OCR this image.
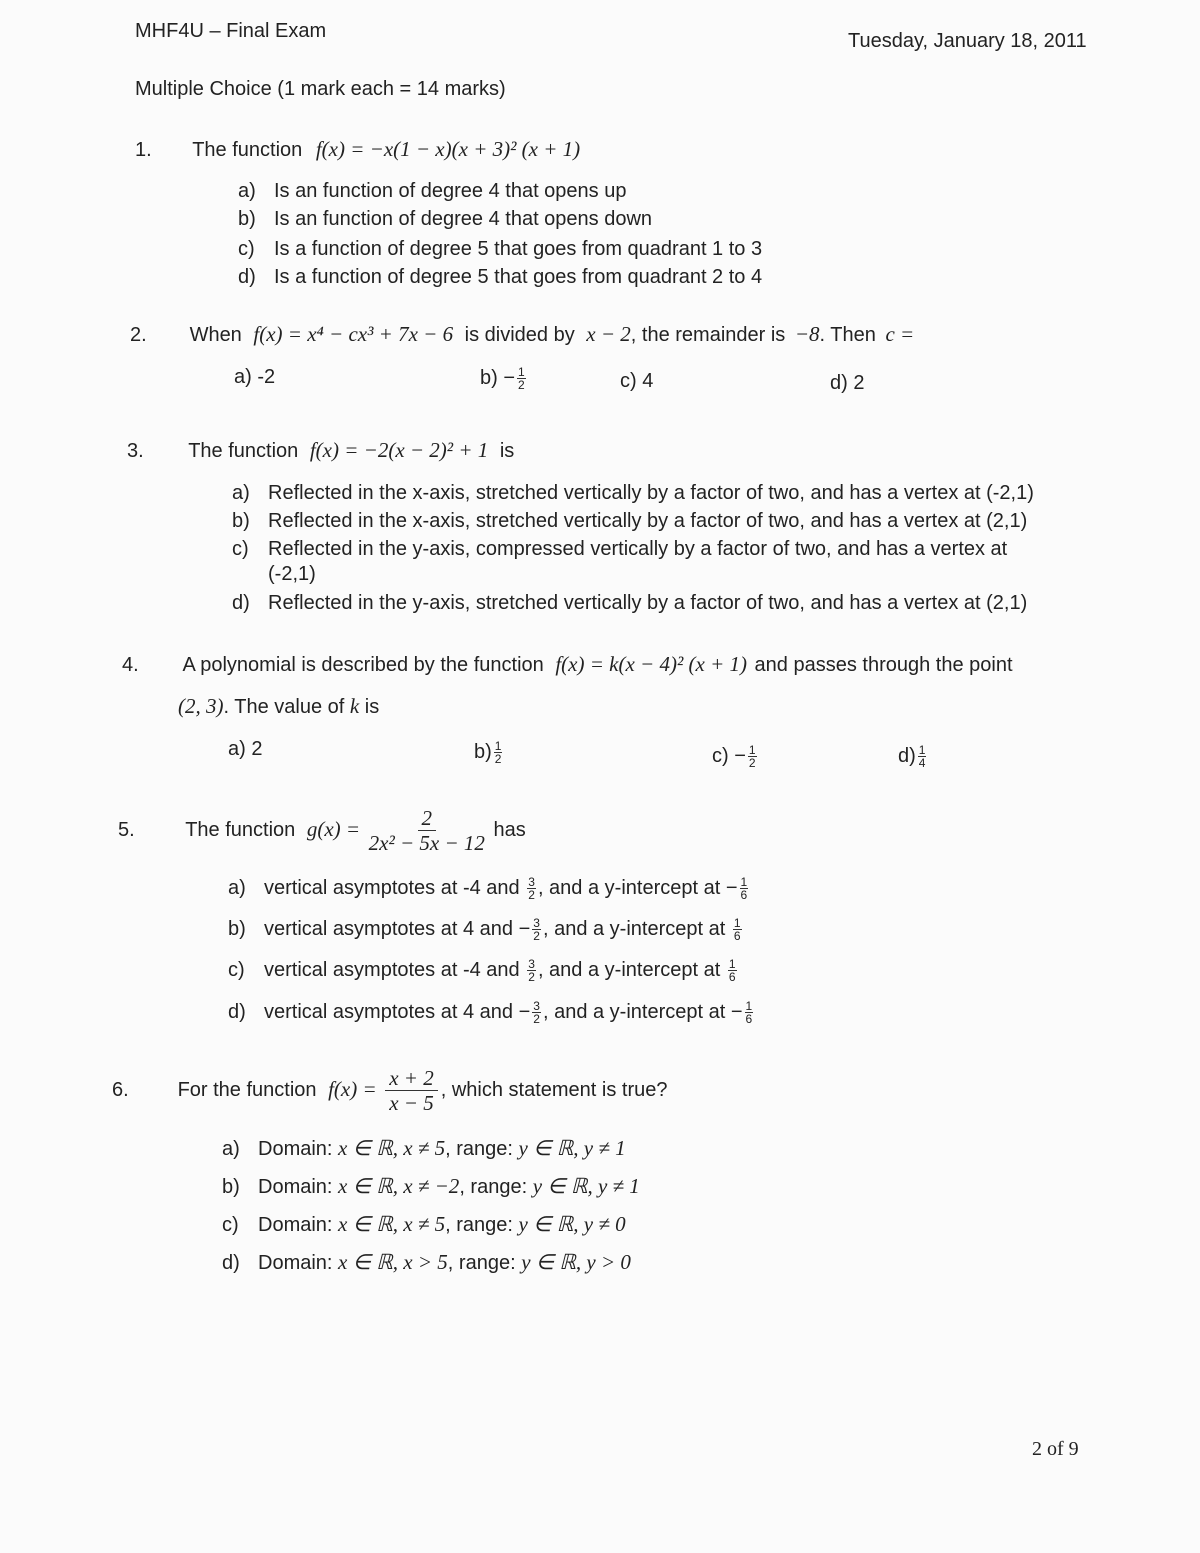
MHF4U – Final Exam	Tuesday, January 18, 2011
Multiple Choice (1 mark each = 14 marks)
1. The function f(x) = −x(1 − x)(x + 3)² (x + 1)
a) Is an function of degree 4 that opens up
b) Is an function of degree 4 that opens down
c) Is a function of degree 5 that goes from quadrant 1 to 3
d) Is a function of degree 5 that goes from quadrant 2 to 4
2. When f(x) = x⁴ − cx³ + 7x − 6 is divided by x − 2, the remainder is −8. Then c =
a) -2	$b) - \frac{1}{2}$	c) 4	d) 2
3. The function f(x) = −2(x − 2)² + 1 is
a) Reflected in the x-axis, stretched vertically by a factor of two, and has a vertex at (-2,1)
b) Reflected in the x-axis, stretched vertically by a factor of two, and has a vertex at (2,1)
c) Reflected in the y-axis, compressed vertically by a factor of two, and has a vertex at
(-2,1)
d) Reflected in the y-axis, stretched vertically by a factor of two, and has a vertex at (2,1)
4. A polynomial is described by the function f(x) = k(x − 4)² (x + 1) and passes through the point
(2, 3). The value of k is
a) 2	$b) \frac{1}{2}$	$c) - \frac{1}{2}$	$d) \frac{1}{4}$
5.	The function $g(x) = \frac{2}{\text{2x² − 5x − 12}}$ has
a) vertical asymptotes at -4 and $\frac{3}{2}$ , and a y-intercept at − $\frac{1}{6}$
b) vertical asymptotes at 4 and − $\frac{3}{2}$ , and a y-intercept at $\frac{1}{6}$
c) vertical asymptotes at -4 and $\frac{3}{2}$ , and a y-intercept at $\frac{1}{6}$
d) vertical asymptotes at 4 and − $\frac{3}{2}$ , and a y-intercept at − $\frac{1}{6}$
6. For the function $f(x) = \frac{x + 2}{x - 5}$ , which statement is true?
a) Domain: x ∈ ℝ, x ≠ 5, range: y ∈ ℝ, y ≠ 1
b) Domain: x ∈ ℝ, x ≠ −2, range: y ∈ ℝ, y ≠ 1
c) Domain: x ∈ ℝ, x ≠ 5, range: y ∈ ℝ, y ≠ 0
d) Domain: x ∈ ℝ, x > 5, range: y ∈ ℝ, y > 0
2 of 9
